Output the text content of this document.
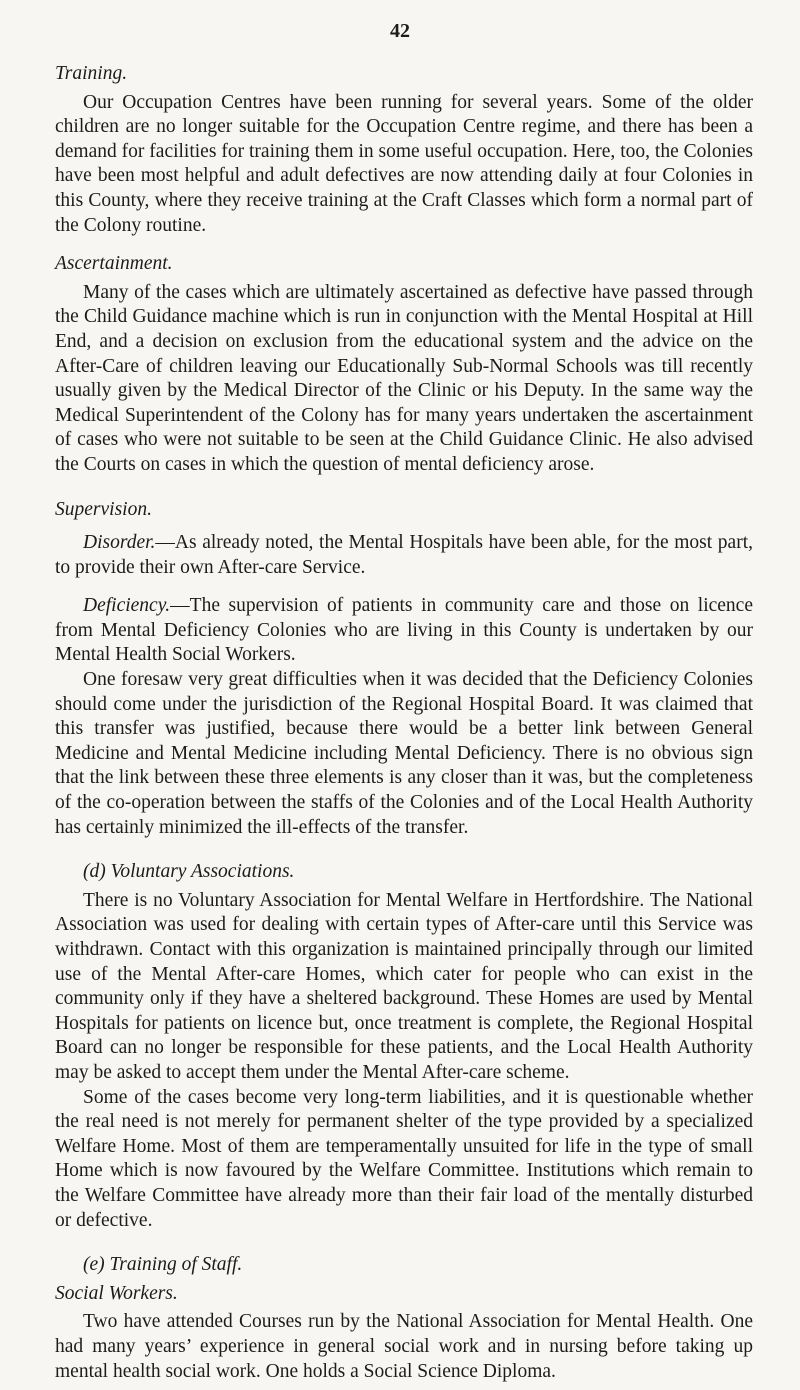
42

Training.

Our Occupation Centres have been running for several years. Some of the older children are no longer suitable for the Occupation Centre regime, and there has been a demand for facilities for training them in some useful occupation. Here, too, the Colonies have been most helpful and adult defectives are now attending daily at four Colonies in this County, where they receive training at the Craft Classes which form a normal part of the Colony routine.

Ascertainment.

Many of the cases which are ultimately ascertained as defective have passed through the Child Guidance machine which is run in conjunction with the Mental Hospital at Hill End, and a decision on exclusion from the educational system and the advice on the After-Care of children leaving our Educationally Sub-Normal Schools was till recently usually given by the Medical Director of the Clinic or his Deputy. In the same way the Medical Superintendent of the Colony has for many years undertaken the ascertainment of cases who were not suitable to be seen at the Child Guidance Clinic. He also advised the Courts on cases in which the question of mental deficiency arose.

Supervision.

Disorder.—As already noted, the Mental Hospitals have been able, for the most part, to provide their own After-care Service.

Deficiency.—The supervision of patients in community care and those on licence from Mental Deficiency Colonies who are living in this County is undertaken by our Mental Health Social Workers.

One foresaw very great difficulties when it was decided that the Deficiency Colonies should come under the jurisdiction of the Regional Hospital Board. It was claimed that this transfer was justified, because there would be a better link between General Medicine and Mental Medicine including Mental Deficiency. There is no obvious sign that the link between these three elements is any closer than it was, but the completeness of the co-operation between the staffs of the Colonies and of the Local Health Authority has certainly minimized the ill-effects of the transfer.

(d) Voluntary Associations.

There is no Voluntary Association for Mental Welfare in Hertfordshire. The National Association was used for dealing with certain types of After-care until this Service was withdrawn. Contact with this organization is maintained principally through our limited use of the Mental After-care Homes, which cater for people who can exist in the community only if they have a sheltered background. These Homes are used by Mental Hospitals for patients on licence but, once treatment is complete, the Regional Hospital Board can no longer be responsible for these patients, and the Local Health Authority may be asked to accept them under the Mental After-care scheme.

Some of the cases become very long-term liabilities, and it is questionable whether the real need is not merely for permanent shelter of the type provided by a specialized Welfare Home. Most of them are temperamentally unsuited for life in the type of small Home which is now favoured by the Welfare Committee. Institutions which remain to the Welfare Committee have already more than their fair load of the mentally disturbed or defective.

(e) Training of Staff.

Social Workers.

Two have attended Courses run by the National Association for Mental Health. One had many years’ experience in general social work and in nursing before taking up mental health social work. One holds a Social Science Diploma.
